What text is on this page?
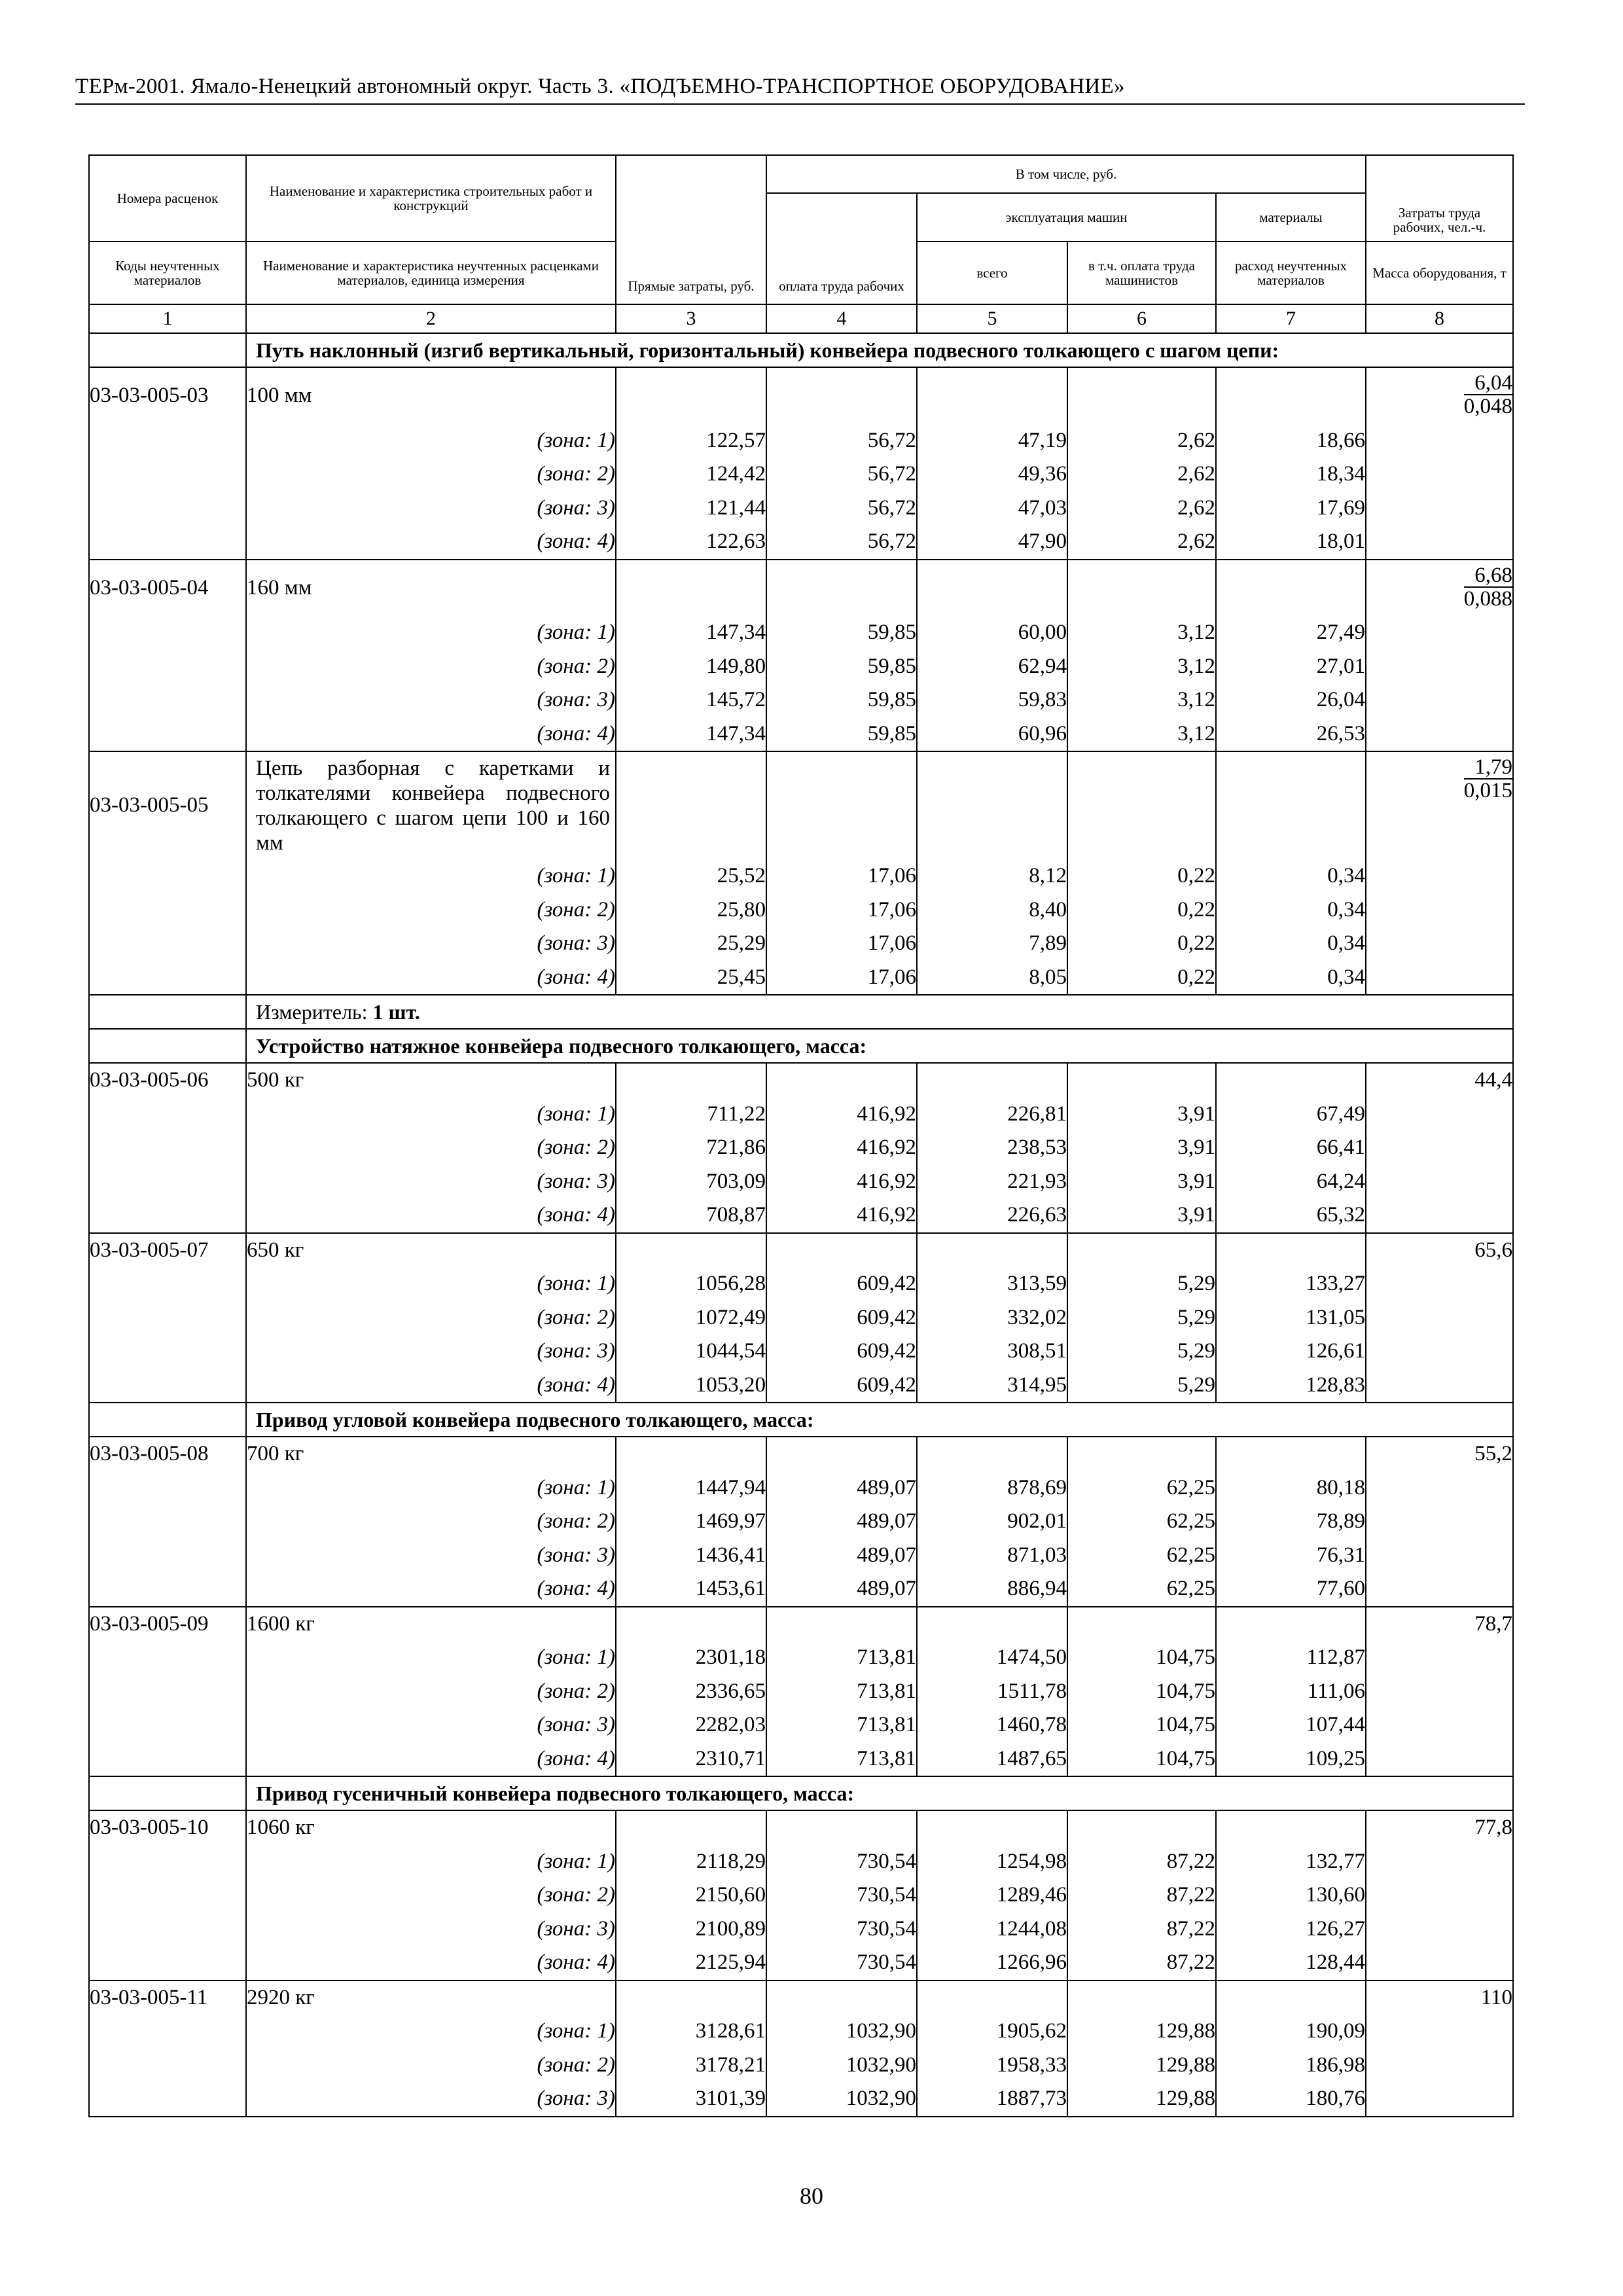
ТЕРм-2001. Ямало-Ненецкий автономный округ. Часть 3. «ПОДЪЕМНО-ТРАНСПОРТНОЕ ОБОРУДОВАНИЕ»
Номера расценок	Наименование и характеристика строительных работ и конструкций	Прямые затраты, руб.	В том числе, руб.				Затраты труда рабочих, чел.-ч.
			оплата труда рабочих	эксплуатация машин		материалы	
Коды неучтенных материалов	Наименование и характеристика неучтенных расценками материалов, единица измерения			всего	в т.ч. оплата труда машинистов	расход неучтенных материалов	Масса оборудования, т
1	2	3	4	5	6	7	8
	Путь наклонный (изгиб вертикальный, горизонтальный) конвейера подвесного толкающего с шагом цепи:						
03-03-005-03	100 мм						$\frac{6,04}{0,048}$

	(зона: 1)	122,57	56,72	47,19	2,62	18,66	
	(зона: 2)	124,42	56,72	49,36	2,62	18,34	
	(зона: 3)	121,44	56,72	47,03	2,62	17,69	
	(зона: 4)	122,63	56,72	47,90	2,62	18,01	
03-03-005-04	160 мм						$\frac{6,68}{0,088}$

	(зона: 1)	147,34	59,85	60,00	3,12	27,49	
	(зона: 2)	149,80	59,85	62,94	3,12	27,01	
	(зона: 3)	145,72	59,85	59,83	3,12	26,04	
	(зона: 4)	147,34	59,85	60,96	3,12	26,53	
03-03-005-05	Цепь разборная с каретками и толкателями конвейера подвесного толкающего с шагом цепи 100 и 160 мм						$\frac{1,79}{0,015}$

	(зона: 1)	25,52	17,06	8,12	0,22	0,34	
	(зона: 2)	25,80	17,06	8,40	0,22	0,34	
	(зона: 3)	25,29	17,06	7,89	0,22	0,34	
	(зона: 4)	25,45	17,06	8,05	0,22	0,34	
	Измеритель: 1 шт.						
	Устройство натяжное конвейера подвесного толкающего, масса:						
03-03-005-06	500 кг						44,4
	(зона: 1)	711,22	416,92	226,81	3,91	67,49	
	(зона: 2)	721,86	416,92	238,53	3,91	66,41	
	(зона: 3)	703,09	416,92	221,93	3,91	64,24	
	(зона: 4)	708,87	416,92	226,63	3,91	65,32	
03-03-005-07	650 кг						65,6
	(зона: 1)	1056,28	609,42	313,59	5,29	133,27	
	(зона: 2)	1072,49	609,42	332,02	5,29	131,05	
	(зона: 3)	1044,54	609,42	308,51	5,29	126,61	
	(зона: 4)	1053,20	609,42	314,95	5,29	128,83	
	Привод угловой конвейера подвесного толкающего, масса:						
03-03-005-08	700 кг						55,2
	(зона: 1)	1447,94	489,07	878,69	62,25	80,18	
	(зона: 2)	1469,97	489,07	902,01	62,25	78,89	
	(зона: 3)	1436,41	489,07	871,03	62,25	76,31	
	(зона: 4)	1453,61	489,07	886,94	62,25	77,60	
03-03-005-09	1600 кг						78,7
	(зона: 1)	2301,18	713,81	1474,50	104,75	112,87	
	(зона: 2)	2336,65	713,81	1511,78	104,75	111,06	
	(зона: 3)	2282,03	713,81	1460,78	104,75	107,44	
	(зона: 4)	2310,71	713,81	1487,65	104,75	109,25	
	Привод гусеничный конвейера подвесного толкающего, масса:						
03-03-005-10	1060 кг						77,8
	(зона: 1)	2118,29	730,54	1254,98	87,22	132,77	
	(зона: 2)	2150,60	730,54	1289,46	87,22	130,60	
	(зона: 3)	2100,89	730,54	1244,08	87,22	126,27	
	(зона: 4)	2125,94	730,54	1266,96	87,22	128,44	
03-03-005-11	2920 кг						110
	(зона: 1)	3128,61	1032,90	1905,62	129,88	190,09	
	(зона: 2)	3178,21	1032,90	1958,33	129,88	186,98	
	(зона: 3)	3101,39	1032,90	1887,73	129,88	180,76	
80
